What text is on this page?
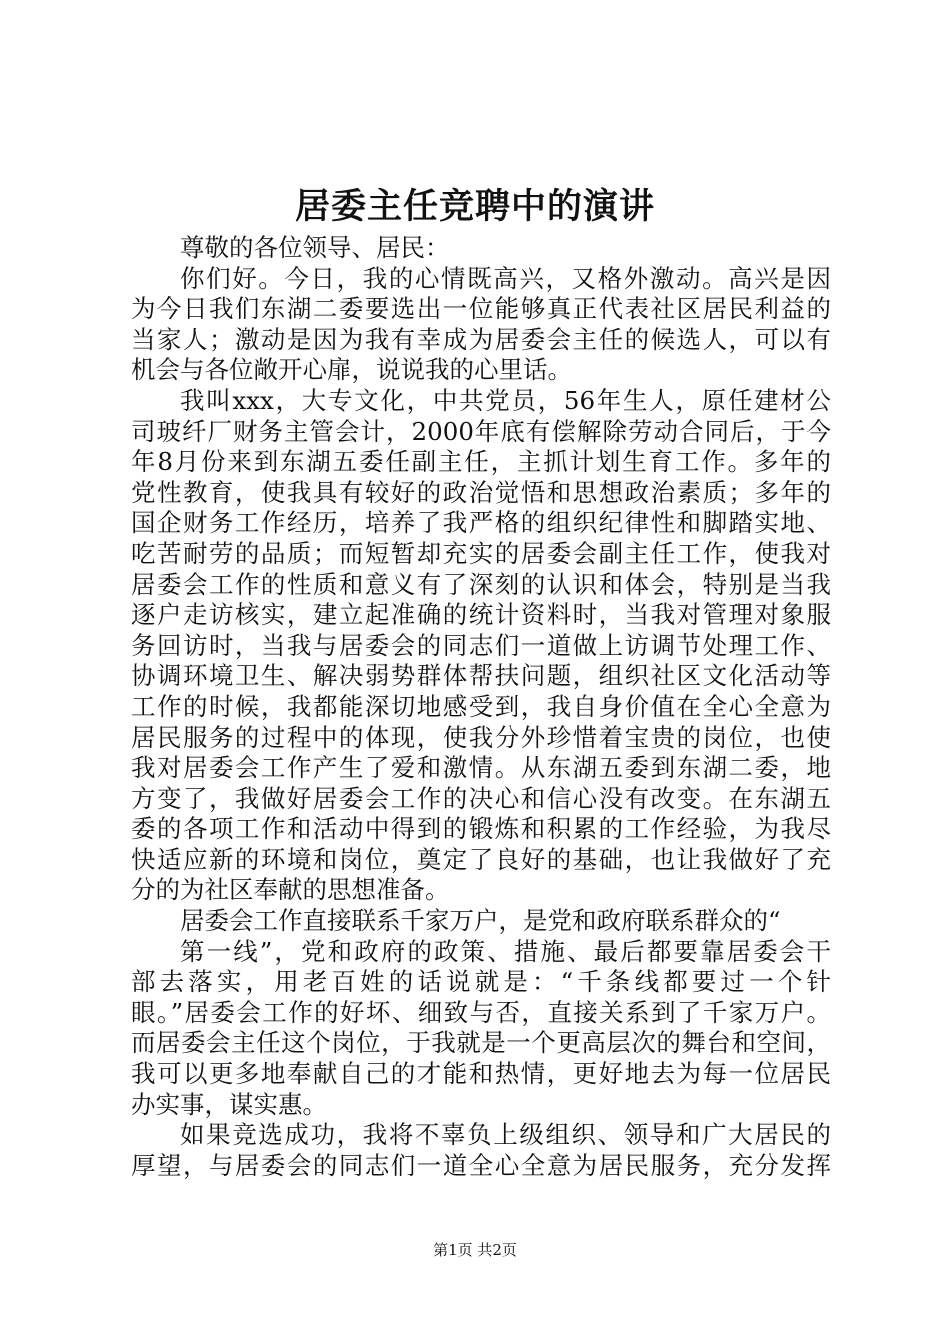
居委主任竞聘中的演讲
尊敬的各位领导、居民：
你们好。今日，我的心情既高兴，又格外激动。高兴是因
为今日我们东湖二委要选出一位能够真正代表社区居民利益的
当家人；激动是因为我有幸成为居委会主任的候选人，可以有
机会与各位敞开心扉，说说我的心里话。
我叫xxx，大专文化，中共党员，56年生人，原任建材公
司玻纤厂财务主管会计，2000年底有偿解除劳动合同后，于今
年8月份来到东湖五委任副主任，主抓计划生育工作。多年的
党性教育，使我具有较好的政治觉悟和思想政治素质；多年的
国企财务工作经历，培养了我严格的组织纪律性和脚踏实地、
吃苦耐劳的品质；而短暂却充实的居委会副主任工作，使我对
居委会工作的性质和意义有了深刻的认识和体会，特别是当我
逐户走访核实，建立起准确的统计资料时，当我对管理对象服
务回访时，当我与居委会的同志们一道做上访调节处理工作、
协调环境卫生、解决弱势群体帮扶问题，组织社区文化活动等
工作的时候，我都能深切地感受到，我自身价值在全心全意为
居民服务的过程中的体现，使我分外珍惜着宝贵的岗位，也使
我对居委会工作产生了爱和激情。从东湖五委到东湖二委，地
方变了，我做好居委会工作的决心和信心没有改变。在东湖五
委的各项工作和活动中得到的锻炼和积累的工作经验，为我尽
快适应新的环境和岗位，奠定了良好的基础，也让我做好了充
分的为社区奉献的思想准备。
居委会工作直接联系千家万户，是党和政府联系群众的“
第一线”，党和政府的政策、措施、最后都要靠居委会干
部去落实，用老百姓的话说就是：“千条线都要过一个针
眼。”居委会工作的好坏、细致与否，直接关系到了千家万户。
而居委会主任这个岗位，于我就是一个更高层次的舞台和空间，
我可以更多地奉献自己的才能和热情，更好地去为每一位居民
办实事，谋实惠。
如果竞选成功，我将不辜负上级组织、领导和广大居民的
厚望，与居委会的同志们一道全心全意为居民服务，充分发挥
第1页 共2页
